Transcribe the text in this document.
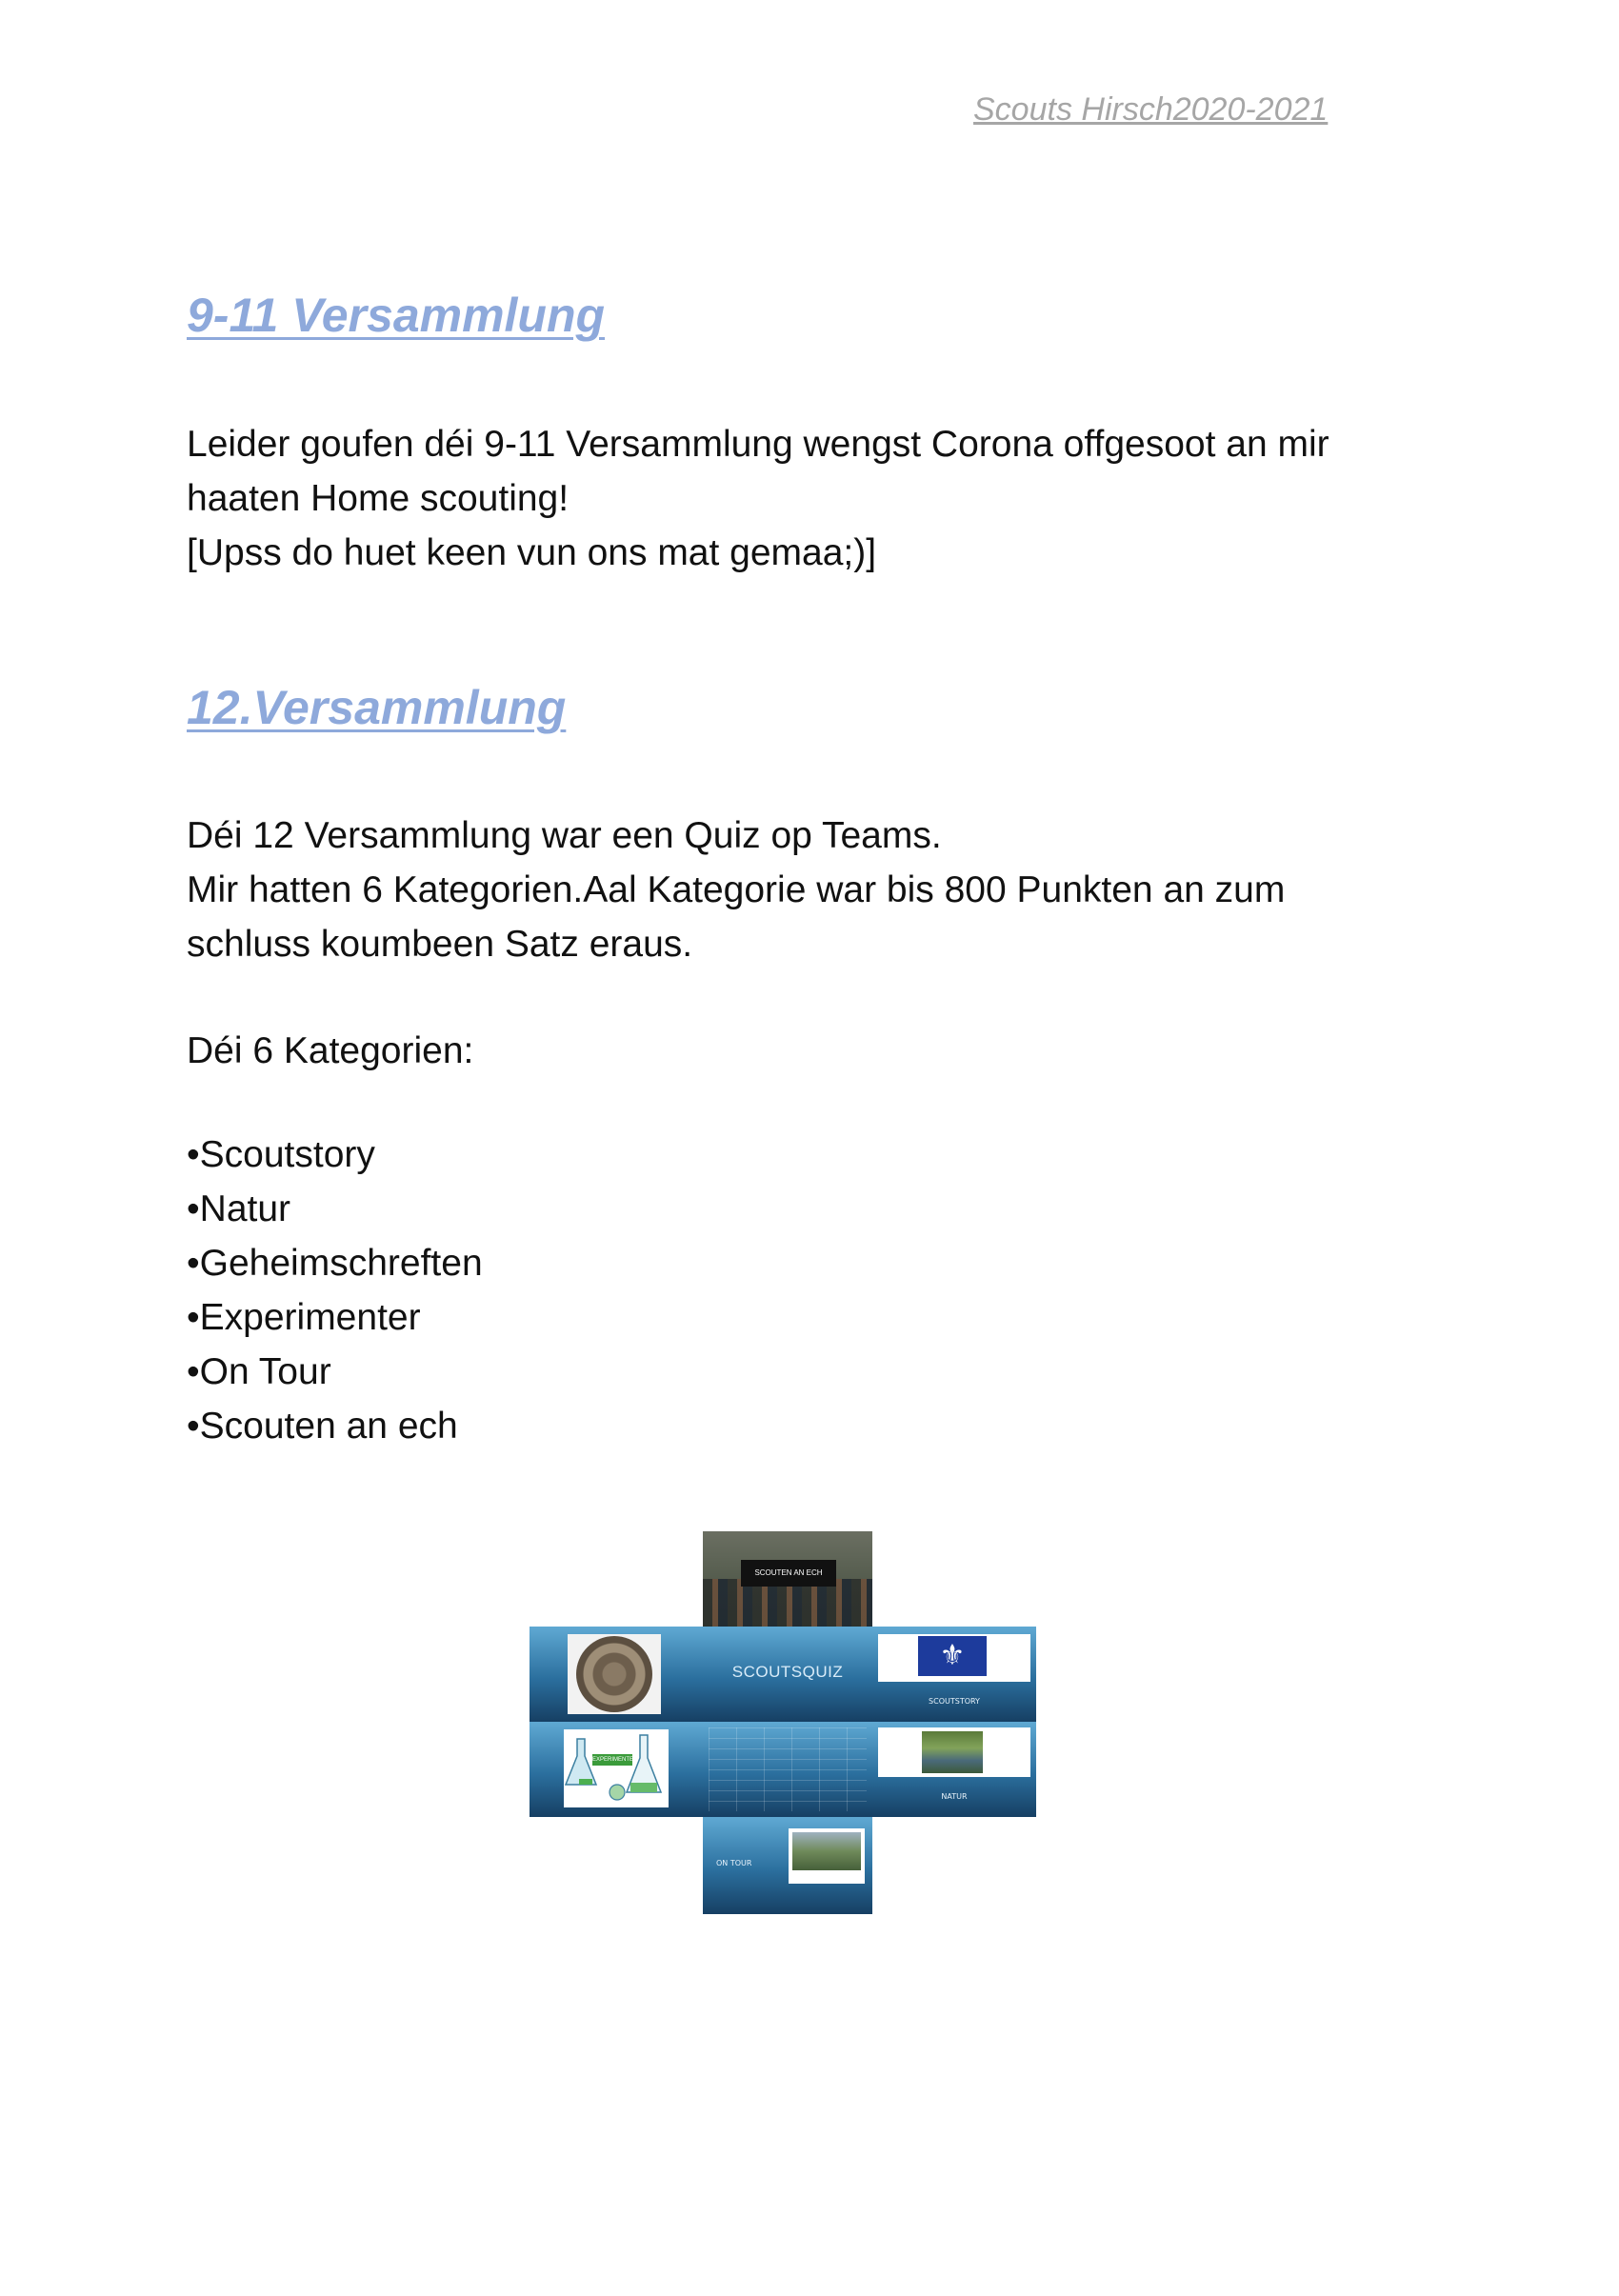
Scouts Hirsch2020-2021
9-11 Versammlung

Leider goufen déi 9-11 Versammlung wengst Corona offgesoot an mir
haaten Home scouting!
[Upss do huet keen vun ons mat gemaa;)]

12.Versammlung

Déi 12 Versammlung war een Quiz op Teams.
Mir hatten 6 Kategorien.Aal Kategorie war bis 800 Punkten an zum
schluss koumbeen Satz eraus.

Déi 6 Kategorien:

•Scoutstory
•Natur
•Geheimschreften
•Experimenter
•On Tour
•Scouten an ech
SCOUTEN AN ECH
SCOUTSQUIZ
⚜
SCOUTSTORY
EXPERIMENTER
NATUR
ON TOUR
